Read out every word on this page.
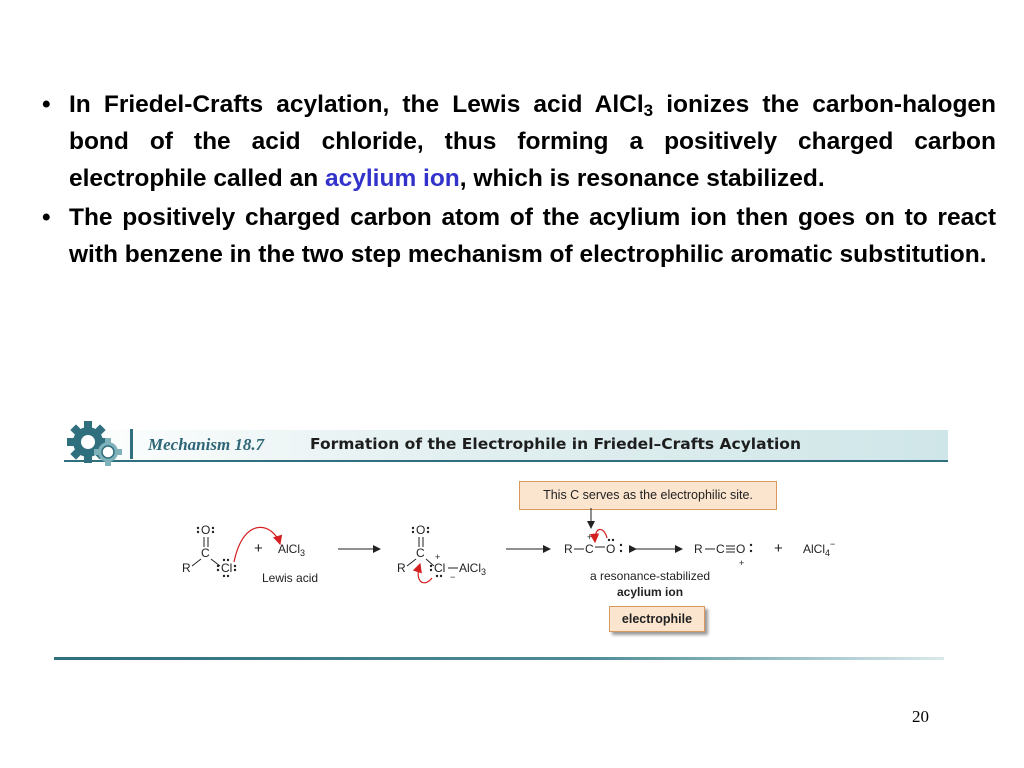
• In Friedel-Crafts acylation, the Lewis acid AlCl$_3$ ionizes the carbon-halogen bond of the acid chloride, thus forming a positively charged carbon electrophile called an acylium ion, which is resonance stabilized.
• The positively charged carbon atom of the acylium ion then goes on to react with benzene in the two step mechanism of electrophilic aromatic substitution.
Mechanism 18.7	Formation of the Electrophile in Friedel–Crafts Acylation
This C serves as the electrophilic site.
O
C
R	Cl
+ AlCl$_3$
Lewis acid
O
C
R
+
Cl AlCl$_3$
−
R C
+
O	R C O
+
+ AlCl$_4$−
a resonance-stabilized
acylium ion
electrophile
20
